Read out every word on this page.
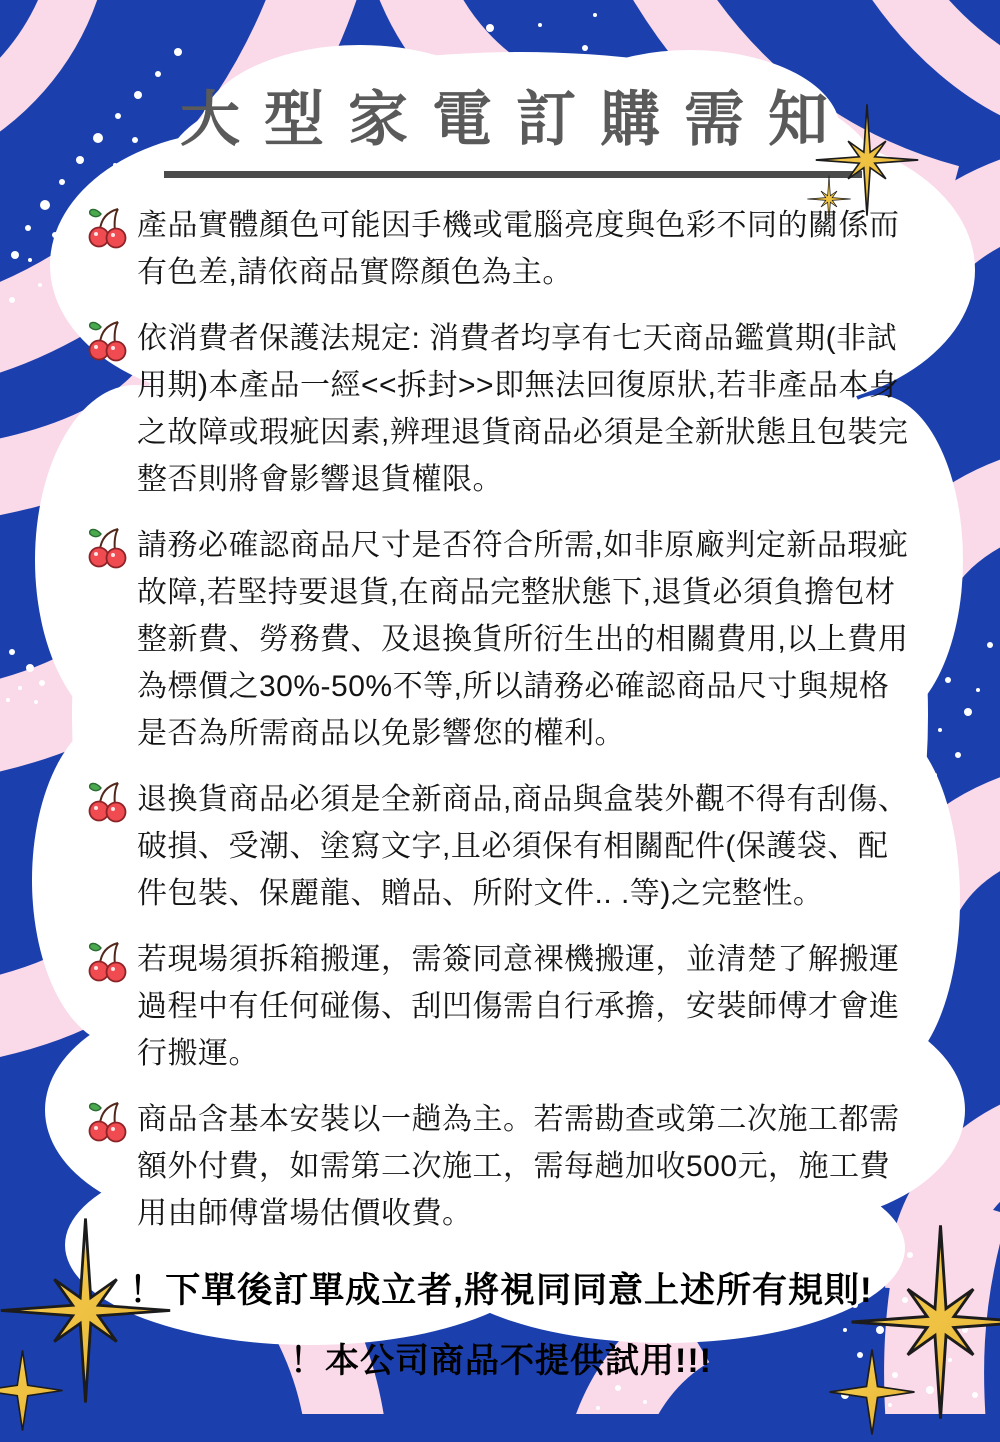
大型家電訂購需知

產品實體顏色可能因手機或電腦亮度與色彩不同的關係而有色差,請依商品實際顏色為主。

依消費者保護法規定: 消費者均享有七天商品鑑賞期(非試用期)本產品一經<<拆封>>即無法回復原狀,若非產品本身之故障或瑕疵因素,辨理退貨商品必須是全新狀態且包裝完整否則將會影響退貨權限。

請務必確認商品尺寸是否符合所需,如非原廠判定新品瑕疵故障,若堅持要退貨,在商品完整狀態下,退貨必須負擔包材整新費、勞務費、及退換貨所衍生出的相關費用,以上費用為標價之30%-50%不等,所以請務必確認商品尺寸與規格是否為所需商品以免影響您的權利。

退換貨商品必須是全新商品,商品與盒裝外觀不得有刮傷、破損、受潮、塗寫文字,且必須保有相關配件(保護袋、配件包裝、保麗龍、贈品、所附文件.. .等)之完整性。

若現場須拆箱搬運，需簽同意裸機搬運，並清楚了解搬運過程中有任何碰傷、刮凹傷需自行承擔，安裝師傅才會進行搬運。

商品含基本安裝以一趟為主。若需勘查或第二次施工都需額外付費，如需第二次施工，需每趟加收500元，施工費用由師傅當場估價收費。

！下單後訂單成立者,將視同同意上述所有規則!
！本公司商品不提供試用!!!
